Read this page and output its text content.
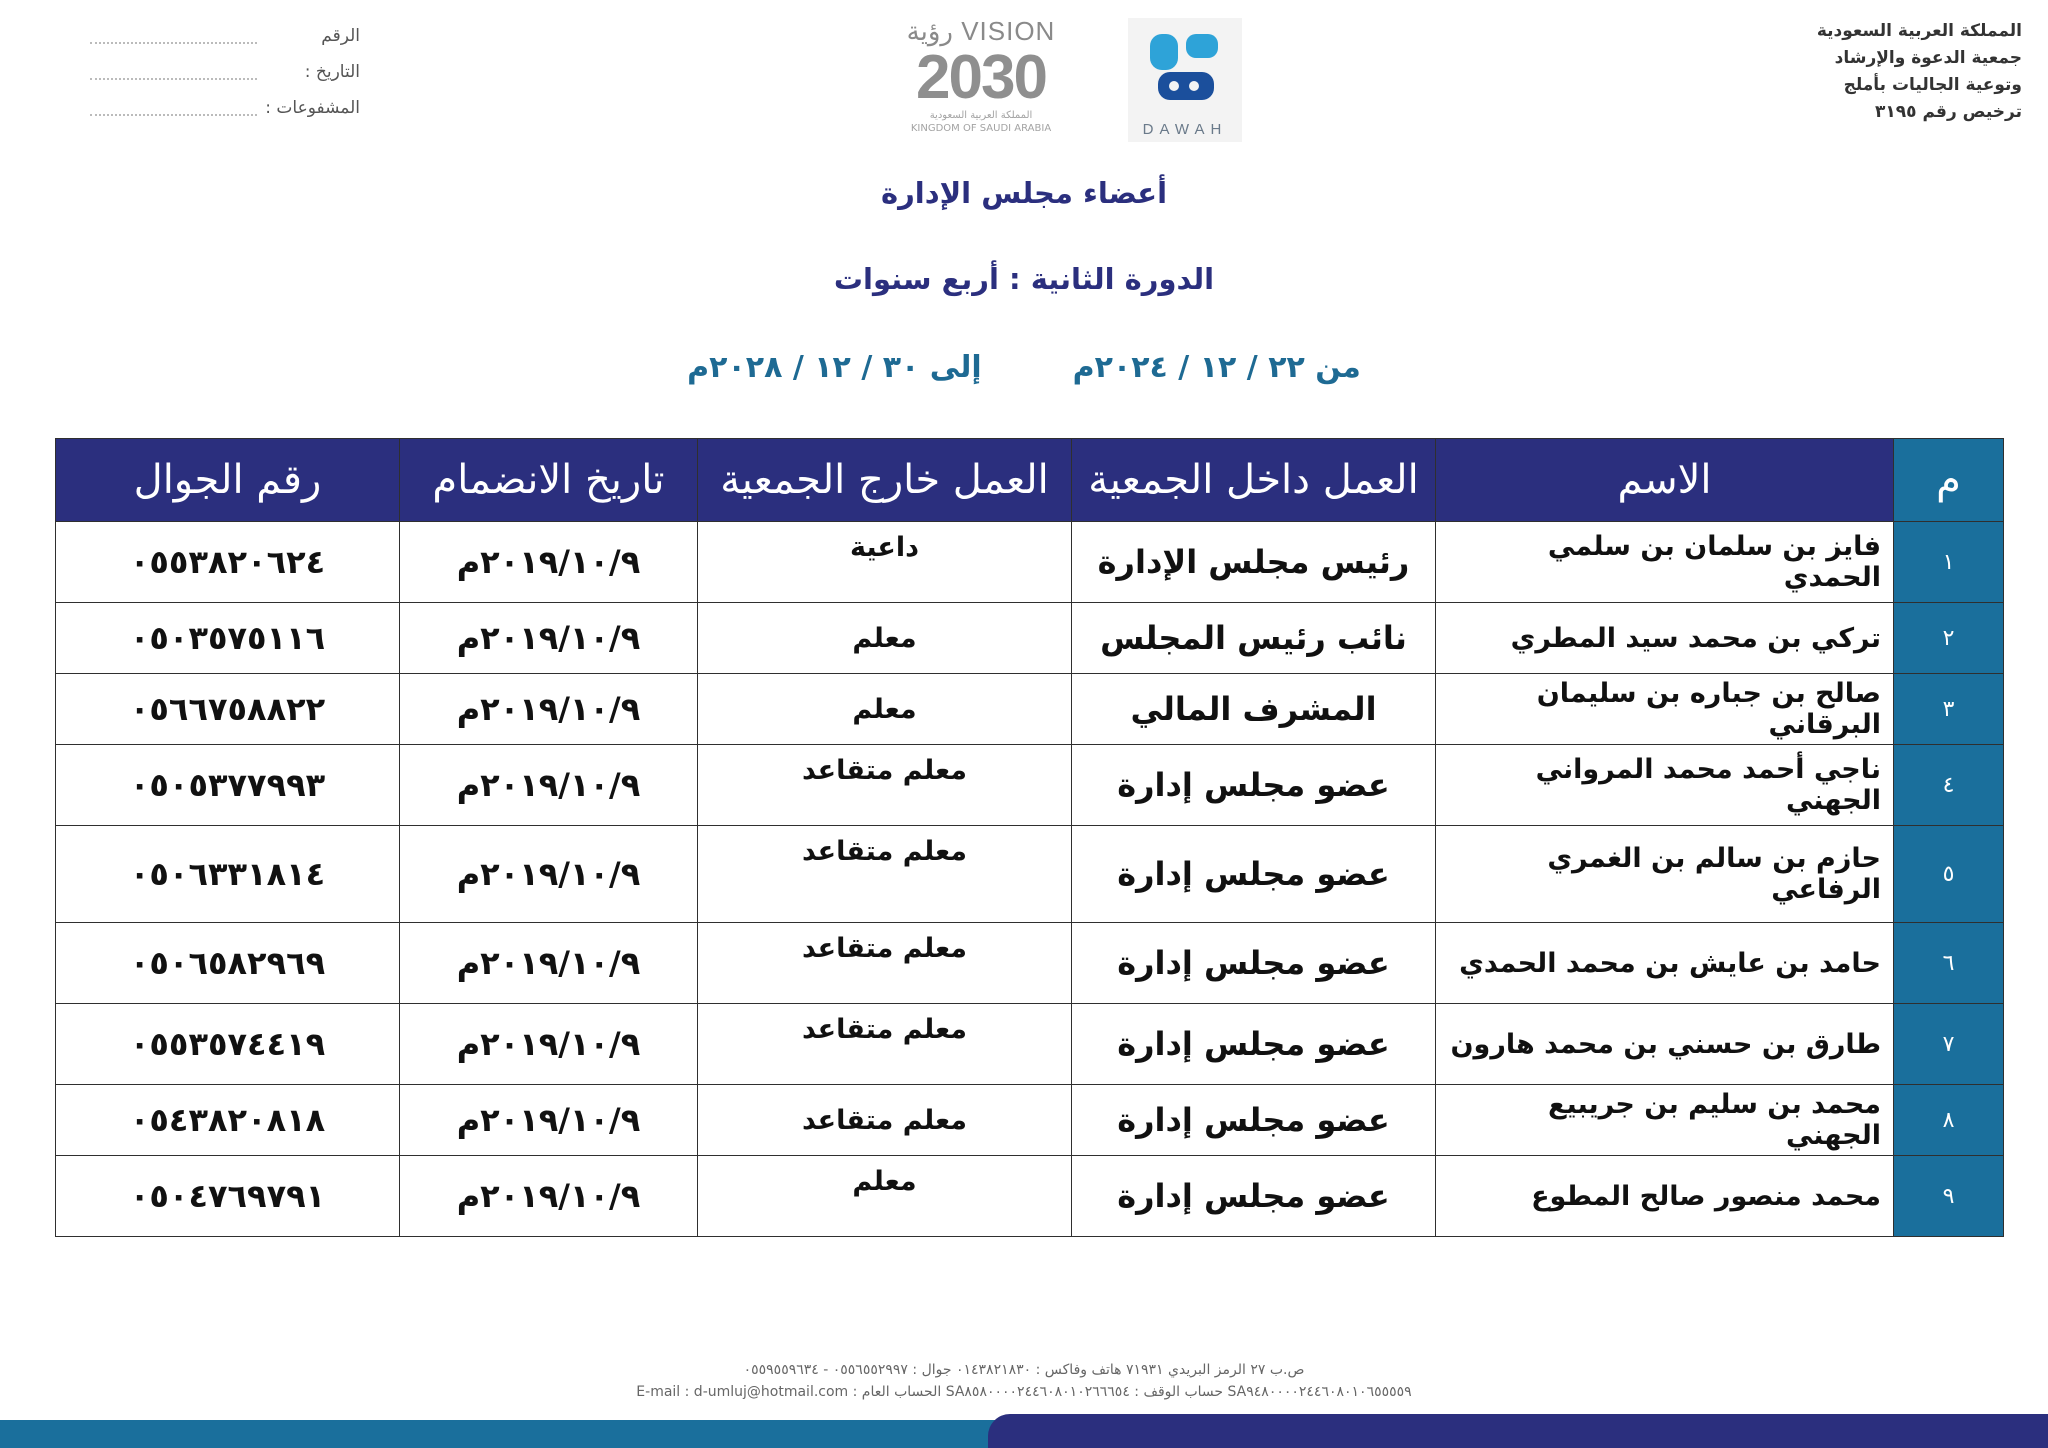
المملكة العربية السعودية
جمعية الدعوة والإرشاد
وتوعية الجاليات بأملج
ترخيص رقم ٣١٩٥
الرقم
التاريخ :
المشفوعات :
VISION رؤية
2030
المملكة العربية السعودية
KINGDOM OF SAUDI ARABIA	DAWAH
أعضاء مجلس الإدارة
الدورة الثانية : أربع سنوات
من ٢٢ / ١٢ / ٢٠٢٤م  إلى ٣٠ / ١٢ / ٢٠٢٨م
م	الاسم	العمل داخل الجمعية	العمل خارج الجمعية	تاريخ الانضمام	رقم الجوال
١	فايز بن سلمان بن سلمي الحمدي	رئيس مجلس الإدارة	داعية	٢٠١٩/١٠/٩م	٠٥٥٣٨٢٠٦٢٤
٢	تركي بن محمد سيد المطري	نائب رئيس المجلس	معلم	٢٠١٩/١٠/٩م	٠٥٠٣٥٧٥١١٦
٣	صالح بن جباره بن سليمان البرقاني	المشرف المالي	معلم	٢٠١٩/١٠/٩م	٠٥٦٦٧٥٨٨٢٢
٤	ناجي أحمد محمد المرواني الجهني	عضو مجلس إدارة	معلم متقاعد	٢٠١٩/١٠/٩م	٠٥٠٥٣٧٧٩٩٣
٥	حازم بن سالم بن الغمري الرفاعي	عضو مجلس إدارة	معلم متقاعد	٢٠١٩/١٠/٩م	٠٥٠٦٣٣١٨١٤
٦	حامد بن عايش بن محمد الحمدي	عضو مجلس إدارة	معلم متقاعد	٢٠١٩/١٠/٩م	٠٥٠٦٥٨٢٩٦٩
٧	طارق بن حسني بن محمد هارون	عضو مجلس إدارة	معلم متقاعد	٢٠١٩/١٠/٩م	٠٥٥٣٥٧٤٤١٩
٨	محمد بن سليم بن جريبيع الجهني	عضو مجلس إدارة	معلم متقاعد	٢٠١٩/١٠/٩م	٠٥٤٣٨٢٠٨١٨
٩	محمد منصور صالح المطوع	عضو مجلس إدارة	معلم	٢٠١٩/١٠/٩م	٠٥٠٤٧٦٩٧٩١
ص.ب ٢٧ الرمز البريدي ٧١٩٣١ هاتف وفاكس : ٠١٤٣٨٢١٨٣٠ جوال : ٠٥٥٦٥٥٢٩٩٧ - ٠٥٥٩٥٥٩٦٣٤
SA٩٤٨٠٠٠٠٢٤٤٦٠٨٠١٠٦٥٥٥٥٩ حساب الوقف : SA٨٥٨٠٠٠٠٢٤٤٦٠٨٠١٠٢٦٦٦٥٤ الحساب العام : E-mail : d-umluj@hotmail.com
